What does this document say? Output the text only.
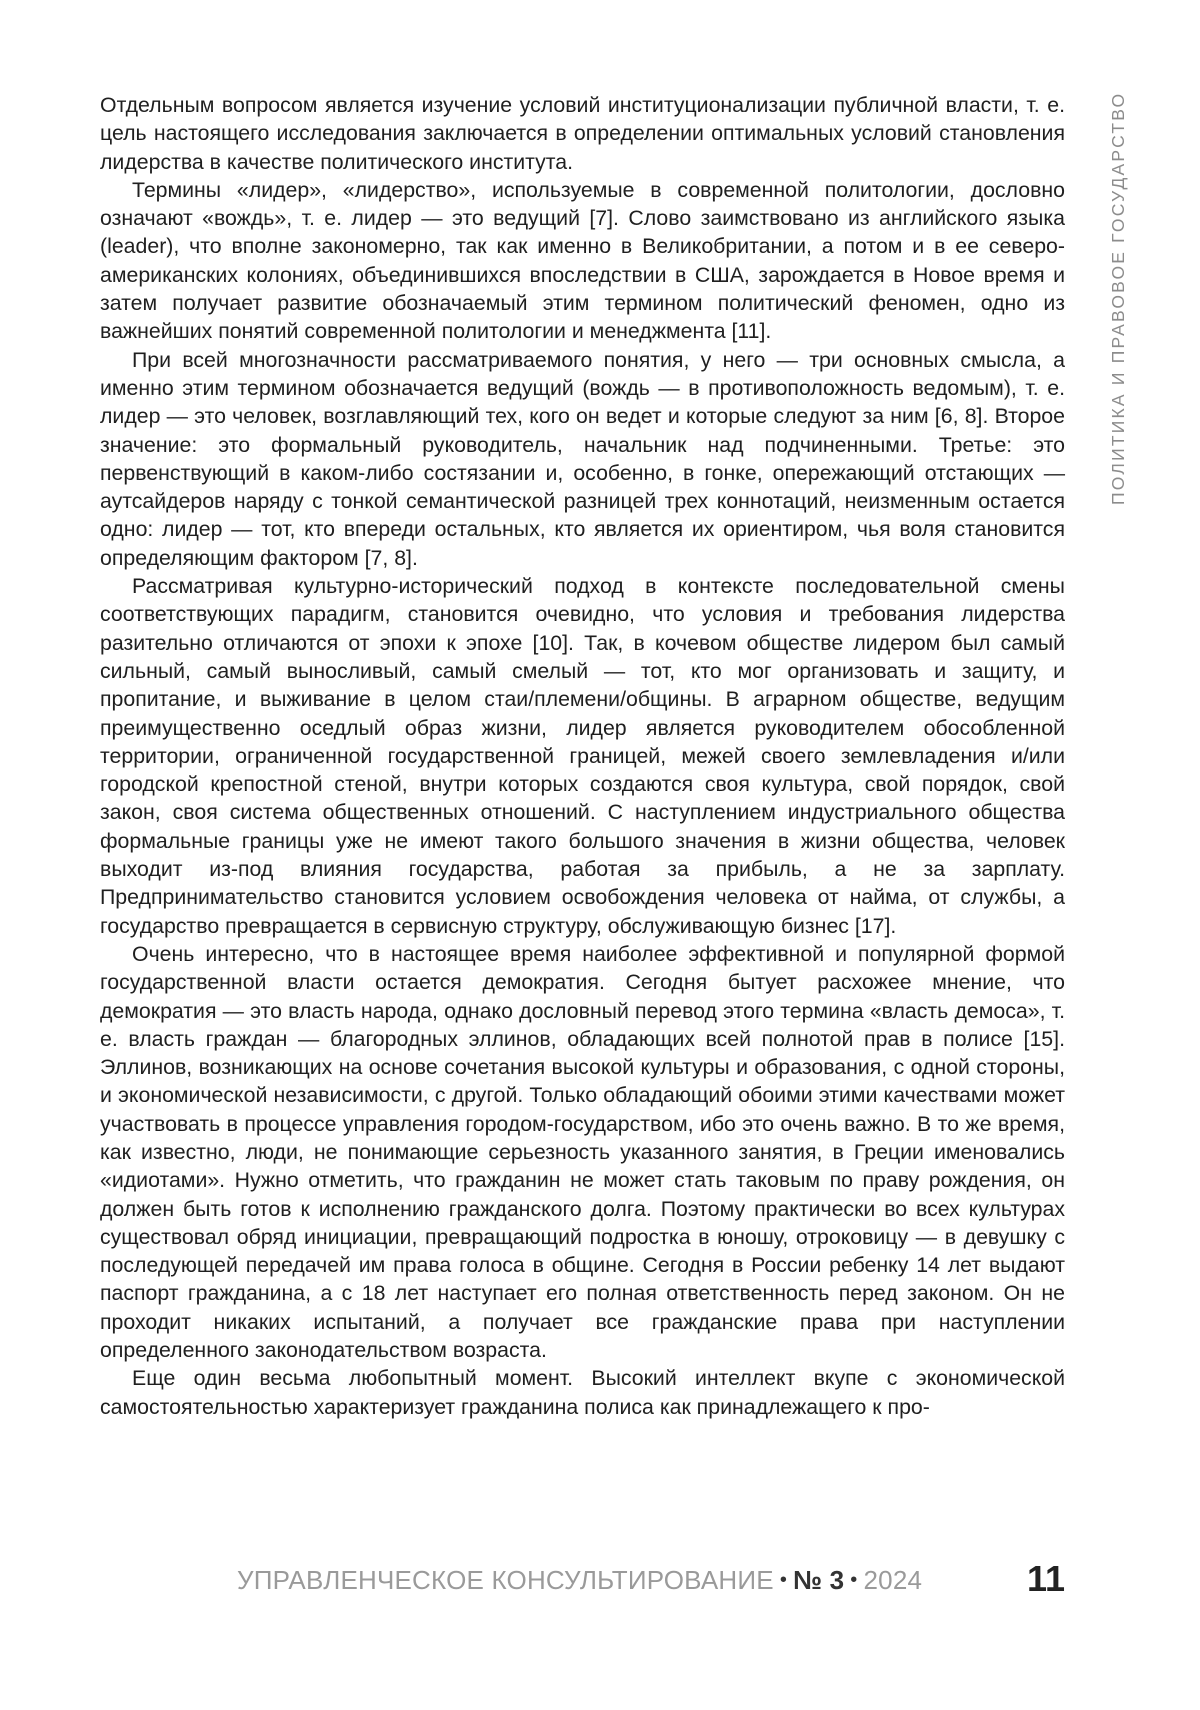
ПОЛИТИКА И ПРАВОВОЕ ГОСУДАРСТВО

Отдельным вопросом является изучение условий институционализации публичной власти, т. е. цель настоящего исследования заключается в определении оптимальных условий становления лидерства в качестве политического института.

Термины «лидер», «лидерство», используемые в современной политологии, дословно означают «вождь», т. е. лидер — это ведущий [7]. Слово заимствовано из английского языка (leader), что вполне закономерно, так как именно в Великобритании, а потом и в ее северо-американских колониях, объединившихся впоследствии в США, зарождается в Новое время и затем получает развитие обозначаемый этим термином политический феномен, одно из важнейших понятий современной политологии и менеджмента [11].

При всей многозначности рассматриваемого понятия, у него — три основных смысла, а именно этим термином обозначается ведущий (вождь — в противоположность ведомым), т. е. лидер — это человек, возглавляющий тех, кого он ведет и которые следуют за ним [6, 8]. Второе значение: это формальный руководитель, начальник над подчиненными. Третье: это первенствующий в каком-либо состязании и, особенно, в гонке, опережающий отстающих — аутсайдеров наряду с тонкой семантической разницей трех коннотаций, неизменным остается одно: лидер — тот, кто впереди остальных, кто является их ориентиром, чья воля становится определяющим фактором [7, 8].

Рассматривая культурно-исторический подход в контексте последовательной смены соответствующих парадигм, становится очевидно, что условия и требования лидерства разительно отличаются от эпохи к эпохе [10]. Так, в кочевом обществе лидером был самый сильный, самый выносливый, самый смелый — тот, кто мог организовать и защиту, и пропитание, и выживание в целом стаи/племени/общины. В аграрном обществе, ведущим преимущественно оседлый образ жизни, лидер является руководителем обособленной территории, ограниченной государственной границей, межей своего землевладения и/или городской крепостной стеной, внутри которых создаются своя культура, свой порядок, свой закон, своя система общественных отношений. С наступлением индустриального общества формальные границы уже не имеют такого большого значения в жизни общества, человек выходит из-под влияния государства, работая за прибыль, а не за зарплату. Предпринимательство становится условием освобождения человека от найма, от службы, а государство превращается в сервисную структуру, обслуживающую бизнес [17].

Очень интересно, что в настоящее время наиболее эффективной и популярной формой государственной власти остается демократия. Сегодня бытует расхожее мнение, что демократия — это власть народа, однако дословный перевод этого термина «власть демоса», т. е. власть граждан — благородных эллинов, обладающих всей полнотой прав в полисе [15]. Эллинов, возникающих на основе сочетания высокой культуры и образования, с одной стороны, и экономической независимости, с другой. Только обладающий обоими этими качествами может участвовать в процессе управления городом-государством, ибо это очень важно. В то же время, как известно, люди, не понимающие серьезность указанного занятия, в Греции именовались «идиотами». Нужно отметить, что гражданин не может стать таковым по праву рождения, он должен быть готов к исполнению гражданского долга. Поэтому практически во всех культурах существовал обряд инициации, превращающий подростка в юношу, отроковицу — в девушку с последующей передачей им права голоса в общине. Сегодня в России ребенку 14 лет выдают паспорт гражданина, а с 18 лет наступает его полная ответственность перед законом. Он не проходит никаких испытаний, а получает все гражданские права при наступлении определенного законодательством возраста.

Еще один весьма любопытный момент. Высокий интеллект вкупе с экономической самостоятельностью характеризует гражданина полиса как принадлежащего к про-

УПРАВЛЕНЧЕСКОЕ КОНСУЛЬТИРОВАНИЕ • № 3 • 2024	11
